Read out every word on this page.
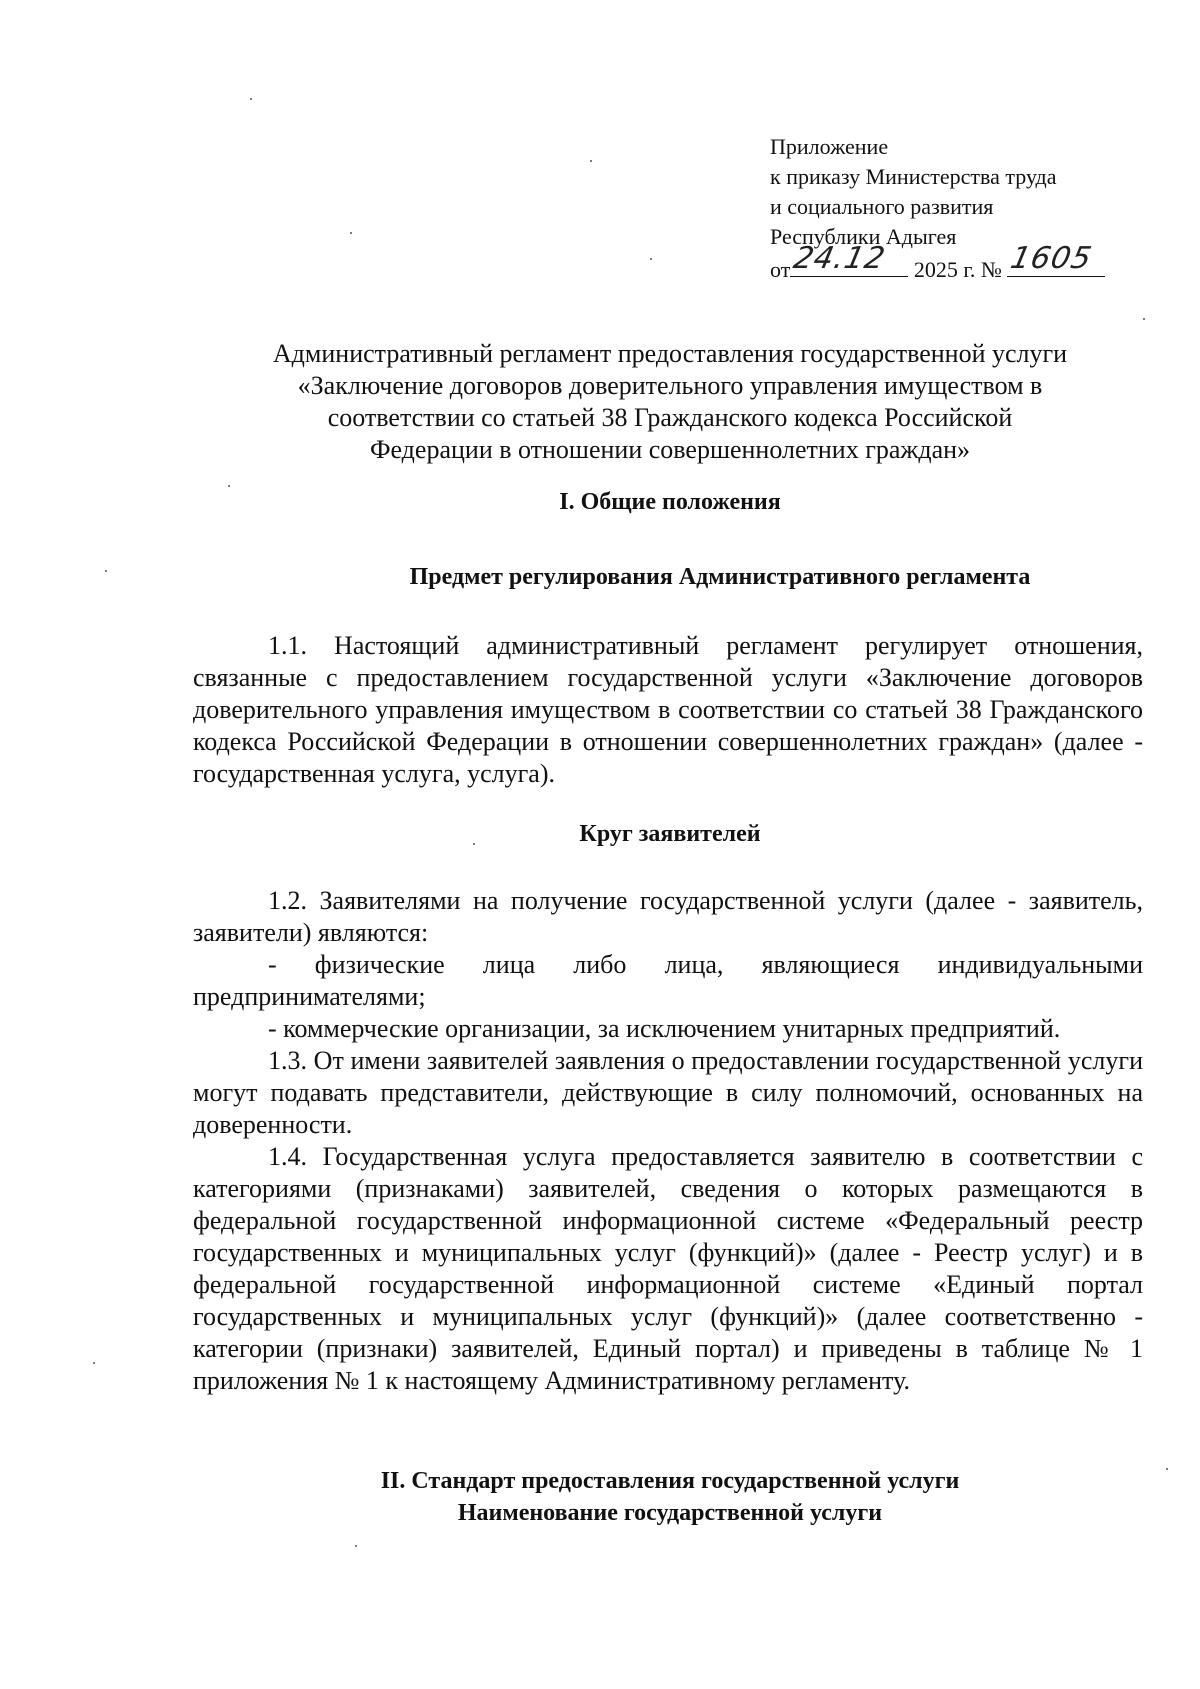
Приложение
к приказу Министерства труда
и социального развития
Республики Адыгея
от 24.12 2025 г. № 1605
Административный регламент предоставления государственной услуги
«Заключение договоров доверительного управления имуществом в
соответствии со статьей 38 Гражданского кодекса Российской
Федерации в отношении совершеннолетних граждан»
I. Общие положения
Предмет регулирования Административного регламента

1.1. Настоящий административный регламент регулирует отношения, связанные с предоставлением государственной услуги «Заключение договоров доверительного управления имуществом в соответствии со статьей 38 Гражданского кодекса Российской Федерации в отношении совершеннолетних граждан» (далее - государственная услуга, услуга).

Круг заявителей

1.2. Заявителями на получение государственной услуги (далее - заявитель, заявители) являются:

- физические лица либо лица, являющиеся индивидуальными предпринимателями;

- коммерческие организации, за исключением унитарных предприятий.

1.3. От имени заявителей заявления о предоставлении государственной услуги могут подавать представители, действующие в силу полномочий, основанных на доверенности.

1.4. Государственная услуга предоставляется заявителю в соответствии с категориями (признаками) заявителей, сведения о которых размещаются в федеральной государственной информационной системе «Федеральный реестр государственных и муниципальных услуг (функций)» (далее - Реестр услуг) и в федеральной государственной информационной системе «Единый портал государственных и муниципальных услуг (функций)» (далее соответственно - категории (признаки) заявителей, Единый портал) и приведены в таблице № 1 приложения № 1 к настоящему Административному регламенту.

II. Стандарт предоставления государственной услуги
Наименование государственной услуги
